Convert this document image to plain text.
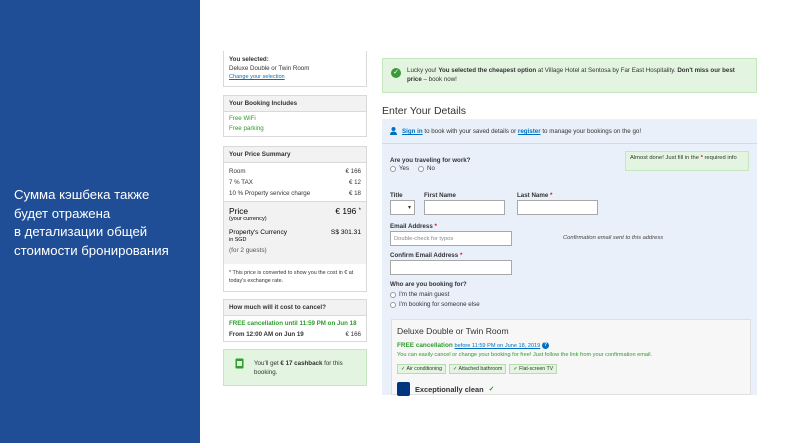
Сумма кэшбека также
будет отражена
в детализации общей
стоимости бронирования
You selected:
Deluxe Double or Twin Room
Change your selection
Your Booking Includes
Free WiFi
Free parking
Your Price Summary
Room	€ 166
7 % TAX	€ 12
10 % Property service charge	€ 18
Price	€ 196 *
(your currency)
Property's Currency	S$ 301.31
in SGD
(for 2 guests)
* This price is converted to show you the cost in € at today's exchange rate.
How much will it cost to cancel?
FREE cancellation until 11:59 PM on Jun 18
From 12:00 AM on Jun 19	€ 166
You'll get € 17 cashback for this booking.
✓	Lucky you! You selected the cheapest option at Village Hotel at Sentosa by Far East Hospitality. Don't miss our best price – book now!
Enter Your Details
Sign in to book with your saved details or register to manage your bookings on the go!
Are you traveling for work?
Yes	No
Almost done! Just fill in the * required info
Title
▾
First Name	Last Name *
Email Address *
Double-check for typos	Confirmation email sent to this address
Confirm Email Address *
Who are you booking for?
I'm the main guest
I'm booking for someone else
Deluxe Double or Twin Room
FREE cancellation before 11:59 PM on June 18, 2019 ?
You can easily cancel or change your booking for free! Just follow the link from your confirmation email.
✓ Air conditioning	✓ Attached bathroom	✓ Flat-screen TV
Exceptionally clean ✓
